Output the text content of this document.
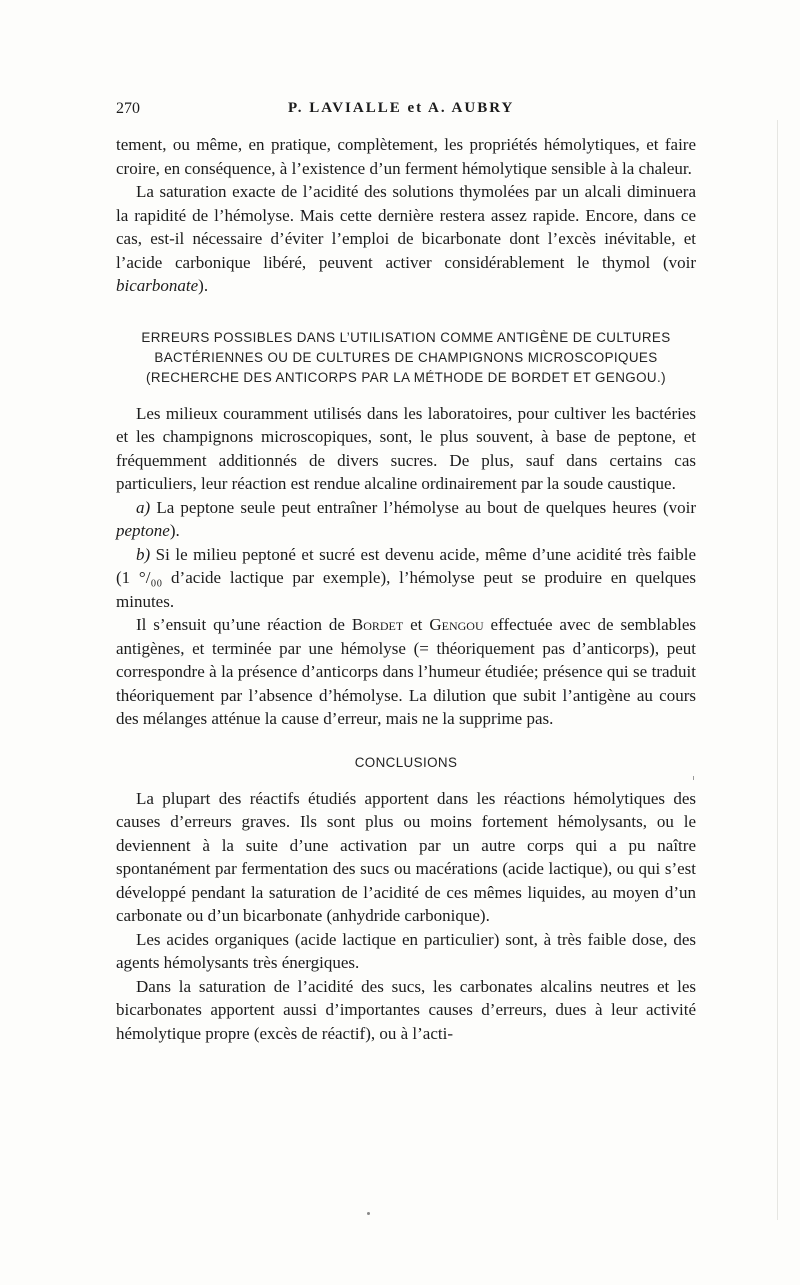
270	P. LAVIALLE et A. AUBRY

tement, ou même, en pratique, complètement, les propriétés hémolytiques, et faire croire, en conséquence, à l’existence d’un ferment hémolytique sensible à la chaleur.

La saturation exacte de l’acidité des solutions thymolées par un alcali diminuera la rapidité de l’hémolyse. Mais cette dernière restera assez rapide. Encore, dans ce cas, est-il nécessaire d’éviter l’emploi de bicarbonate dont l’excès inévitable, et l’acide carbonique libéré, peuvent activer considérablement le thymol (voir bicarbonate).

ERREURS POSSIBLES DANS L’UTILISATION COMME ANTIGÈNE DE CULTURES
BACTÉRIENNES OU DE CULTURES DE CHAMPIGNONS MICROSCOPIQUES
(RECHERCHE DES ANTICORPS PAR LA MÉTHODE DE BORDET ET GENGOU.)

Les milieux couramment utilisés dans les laboratoires, pour cultiver les bactéries et les champignons microscopiques, sont, le plus souvent, à base de peptone, et fréquemment additionnés de divers sucres. De plus, sauf dans certains cas particuliers, leur réaction est rendue alcaline ordinairement par la soude caustique.

a) La peptone seule peut entraîner l’hémolyse au bout de quelques heures (voir peptone).

b) Si le milieu peptoné et sucré est devenu acide, même d’une acidité très faible (1 °/₀₀ d’acide lactique par exemple), l’hémolyse peut se produire en quelques minutes.

Il s’ensuit qu’une réaction de Bordet et Gengou effectuée avec de semblables antigènes, et terminée par une hémolyse (= théoriquement pas d’anticorps), peut correspondre à la présence d’anticorps dans l’humeur étudiée; présence qui se traduit théoriquement par l’absence d’hémolyse. La dilution que subit l’antigène au cours des mélanges atténue la cause d’erreur, mais ne la supprime pas.

CONCLUSIONS

La plupart des réactifs étudiés apportent dans les réactions hémolytiques des causes d’erreurs graves. Ils sont plus ou moins fortement hémolysants, ou le deviennent à la suite d’une activation par un autre corps qui a pu naître spontanément par fermentation des sucs ou macérations (acide lactique), ou qui s’est développé pendant la saturation de l’acidité de ces mêmes liquides, au moyen d’un carbonate ou d’un bicarbonate (anhydride carbonique).

Les acides organiques (acide lactique en particulier) sont, à très faible dose, des agents hémolysants très énergiques.

Dans la saturation de l’acidité des sucs, les carbonates alcalins neutres et les bicarbonates apportent aussi d’importantes causes d’erreurs, dues à leur activité hémolytique propre (excès de réactif), ou à l’acti-
